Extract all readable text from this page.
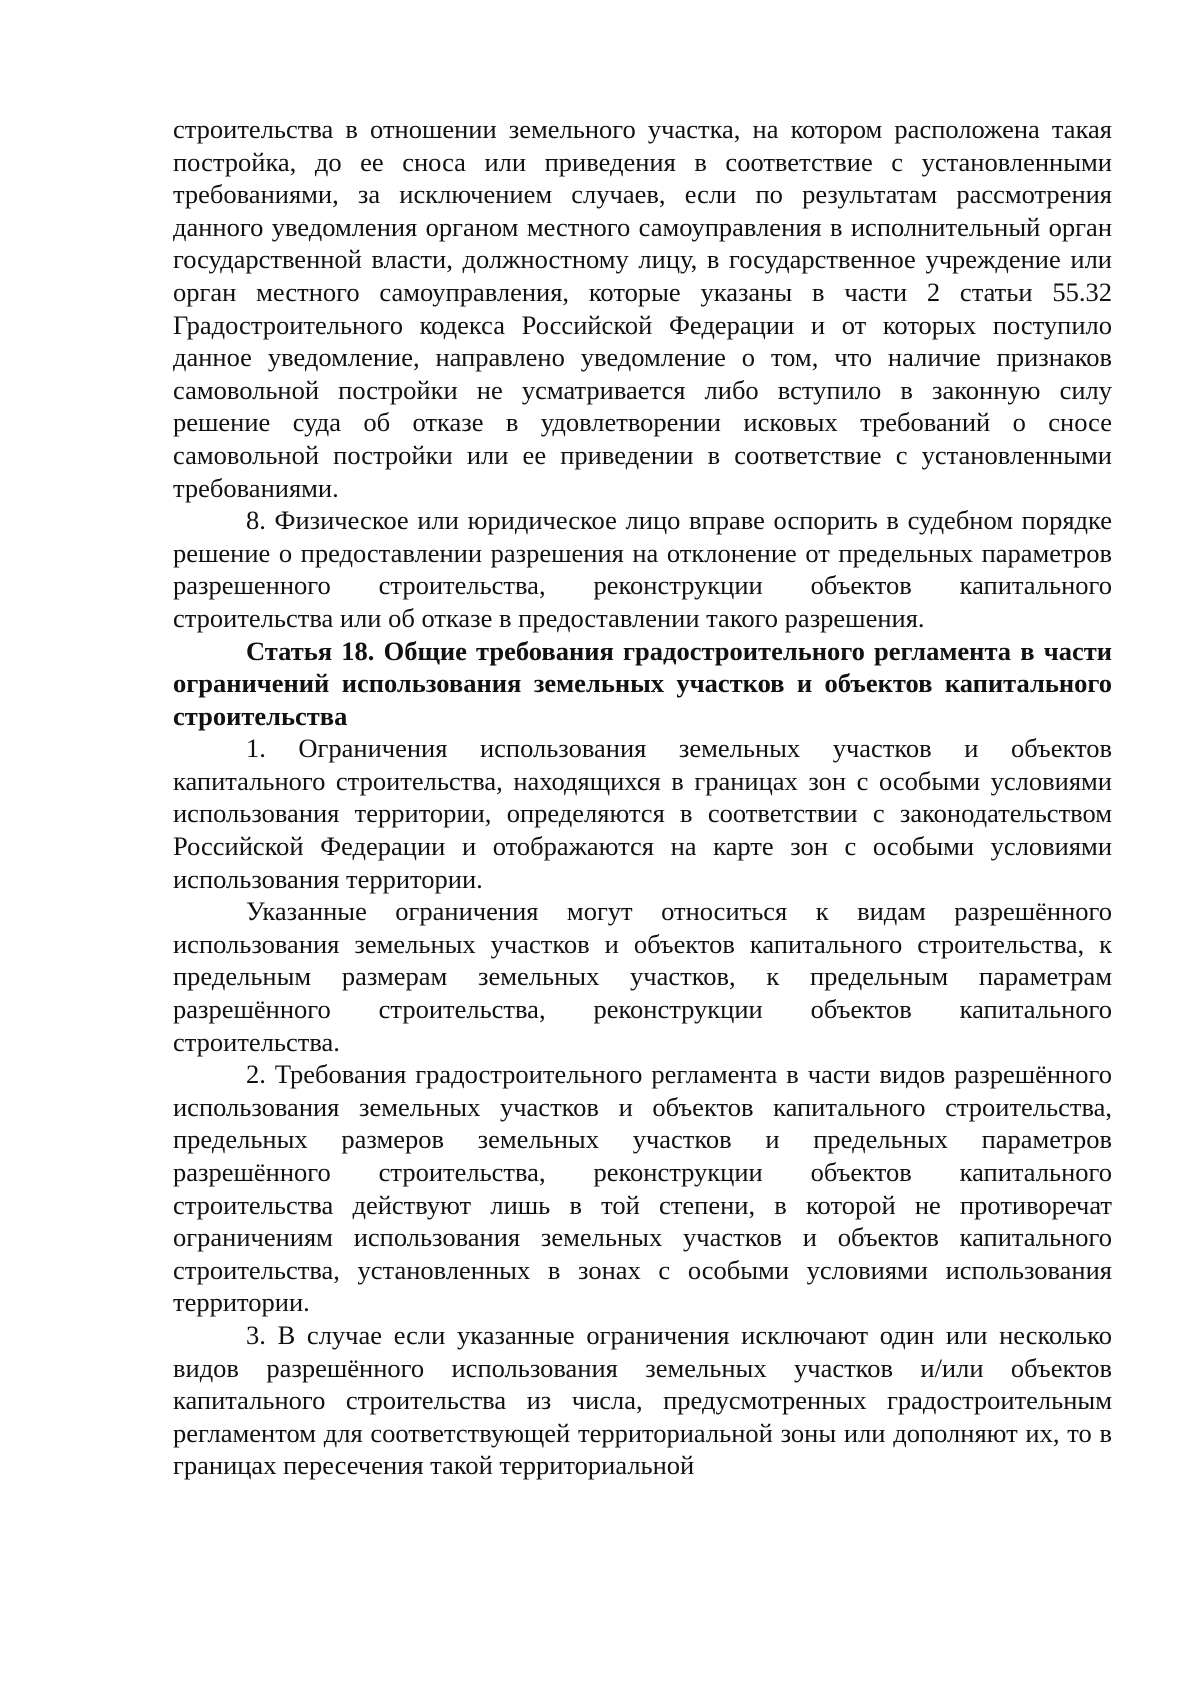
строительства в отношении земельного участка, на котором расположена такая постройка, до ее сноса или приведения в соответствие с установленными требованиями, за исключением случаев, если по результатам рассмотрения данного уведомления органом местного самоуправления в исполнительный орган государственной власти, должностному лицу, в государственное учреждение или орган местного самоуправления, которые указаны в части 2 статьи 55.32 Градостроительного кодекса Российской Федерации и от которых поступило данное уведомление, направлено уведомление о том, что наличие признаков самовольной постройки не усматривается либо вступило в законную силу решение суда об отказе в удовлетворении исковых требований о сносе самовольной постройки или ее приведении в соответствие с установленными требованиями.

8. Физическое или юридическое лицо вправе оспорить в судебном порядке решение о предоставлении разрешения на отклонение от предельных параметров разрешенного строительства, реконструкции объектов капитального строительства или об отказе в предоставлении такого разрешения.

Статья 18. Общие требования градостроительного регламента в части ограничений использования земельных участков и объектов капитального строительства

1. Ограничения использования земельных участков и объектов капитального строительства, находящихся в границах зон с особыми условиями использования территории, определяются в соответствии с законодательством Российской Федерации и отображаются на карте зон с особыми условиями использования территории.

Указанные ограничения могут относиться к видам разрешённого использования земельных участков и объектов капитального строительства, к предельным размерам земельных участков, к предельным параметрам разрешённого строительства, реконструкции объектов капитального строительства.

2. Требования градостроительного регламента в части видов разрешённого использования земельных участков и объектов капитального строительства, предельных размеров земельных участков и предельных параметров разрешённого строительства, реконструкции объектов капитального строительства действуют лишь в той степени, в которой не противоречат ограничениям использования земельных участков и объектов капитального строительства, установленных в зонах с особыми условиями использования территории.

3. В случае если указанные ограничения исключают один или несколько видов разрешённого использования земельных участков и/или объектов капитального строительства из числа, предусмотренных градостроительным регламентом для соответствующей территориальной зоны или дополняют их, то в границах пересечения такой территориальной
